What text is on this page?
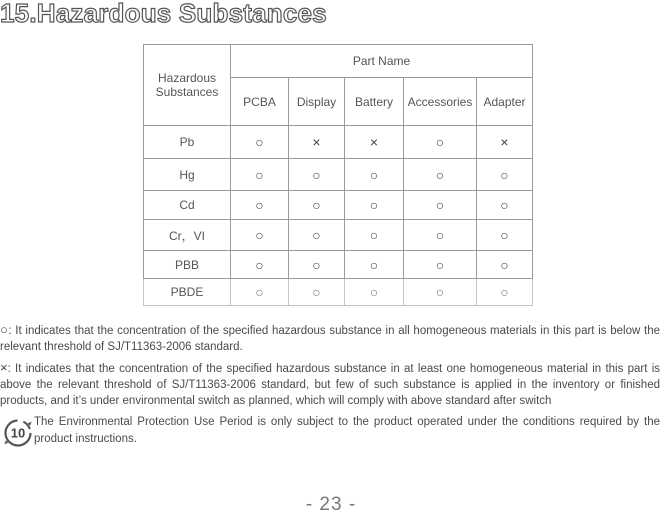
15.Hazardous Substances
Hazardous
Substances	Part Name				
	PCBA	Display	Battery	Accessories	Adapter
Pb	○	×	×	○	×
Hg	○	○	○	○	○
Cd	○	○	○	○	○
Cr，VI	○	○	○	○	○
PBB	○	○	○	○	○
PBDE	○	○	○	○	○

○: It indicates that the concentration of the specified hazardous substance in all homogeneous materials in this part is below the relevant threshold of SJ/T11363-2006 standard.

×: It indicates that the concentration of the specified hazardous substance in at least one homogeneous material in this part is above the relevant threshold of SJ/T11363-2006 standard, but few of such substance is applied in the inventory or finished products, and it’s under environmental switch as planned, which will comply with above standard after switch

10
The Environmental Protection Use Period is only subject to the product operated under the conditions required by the product instructions.
- 23 -
